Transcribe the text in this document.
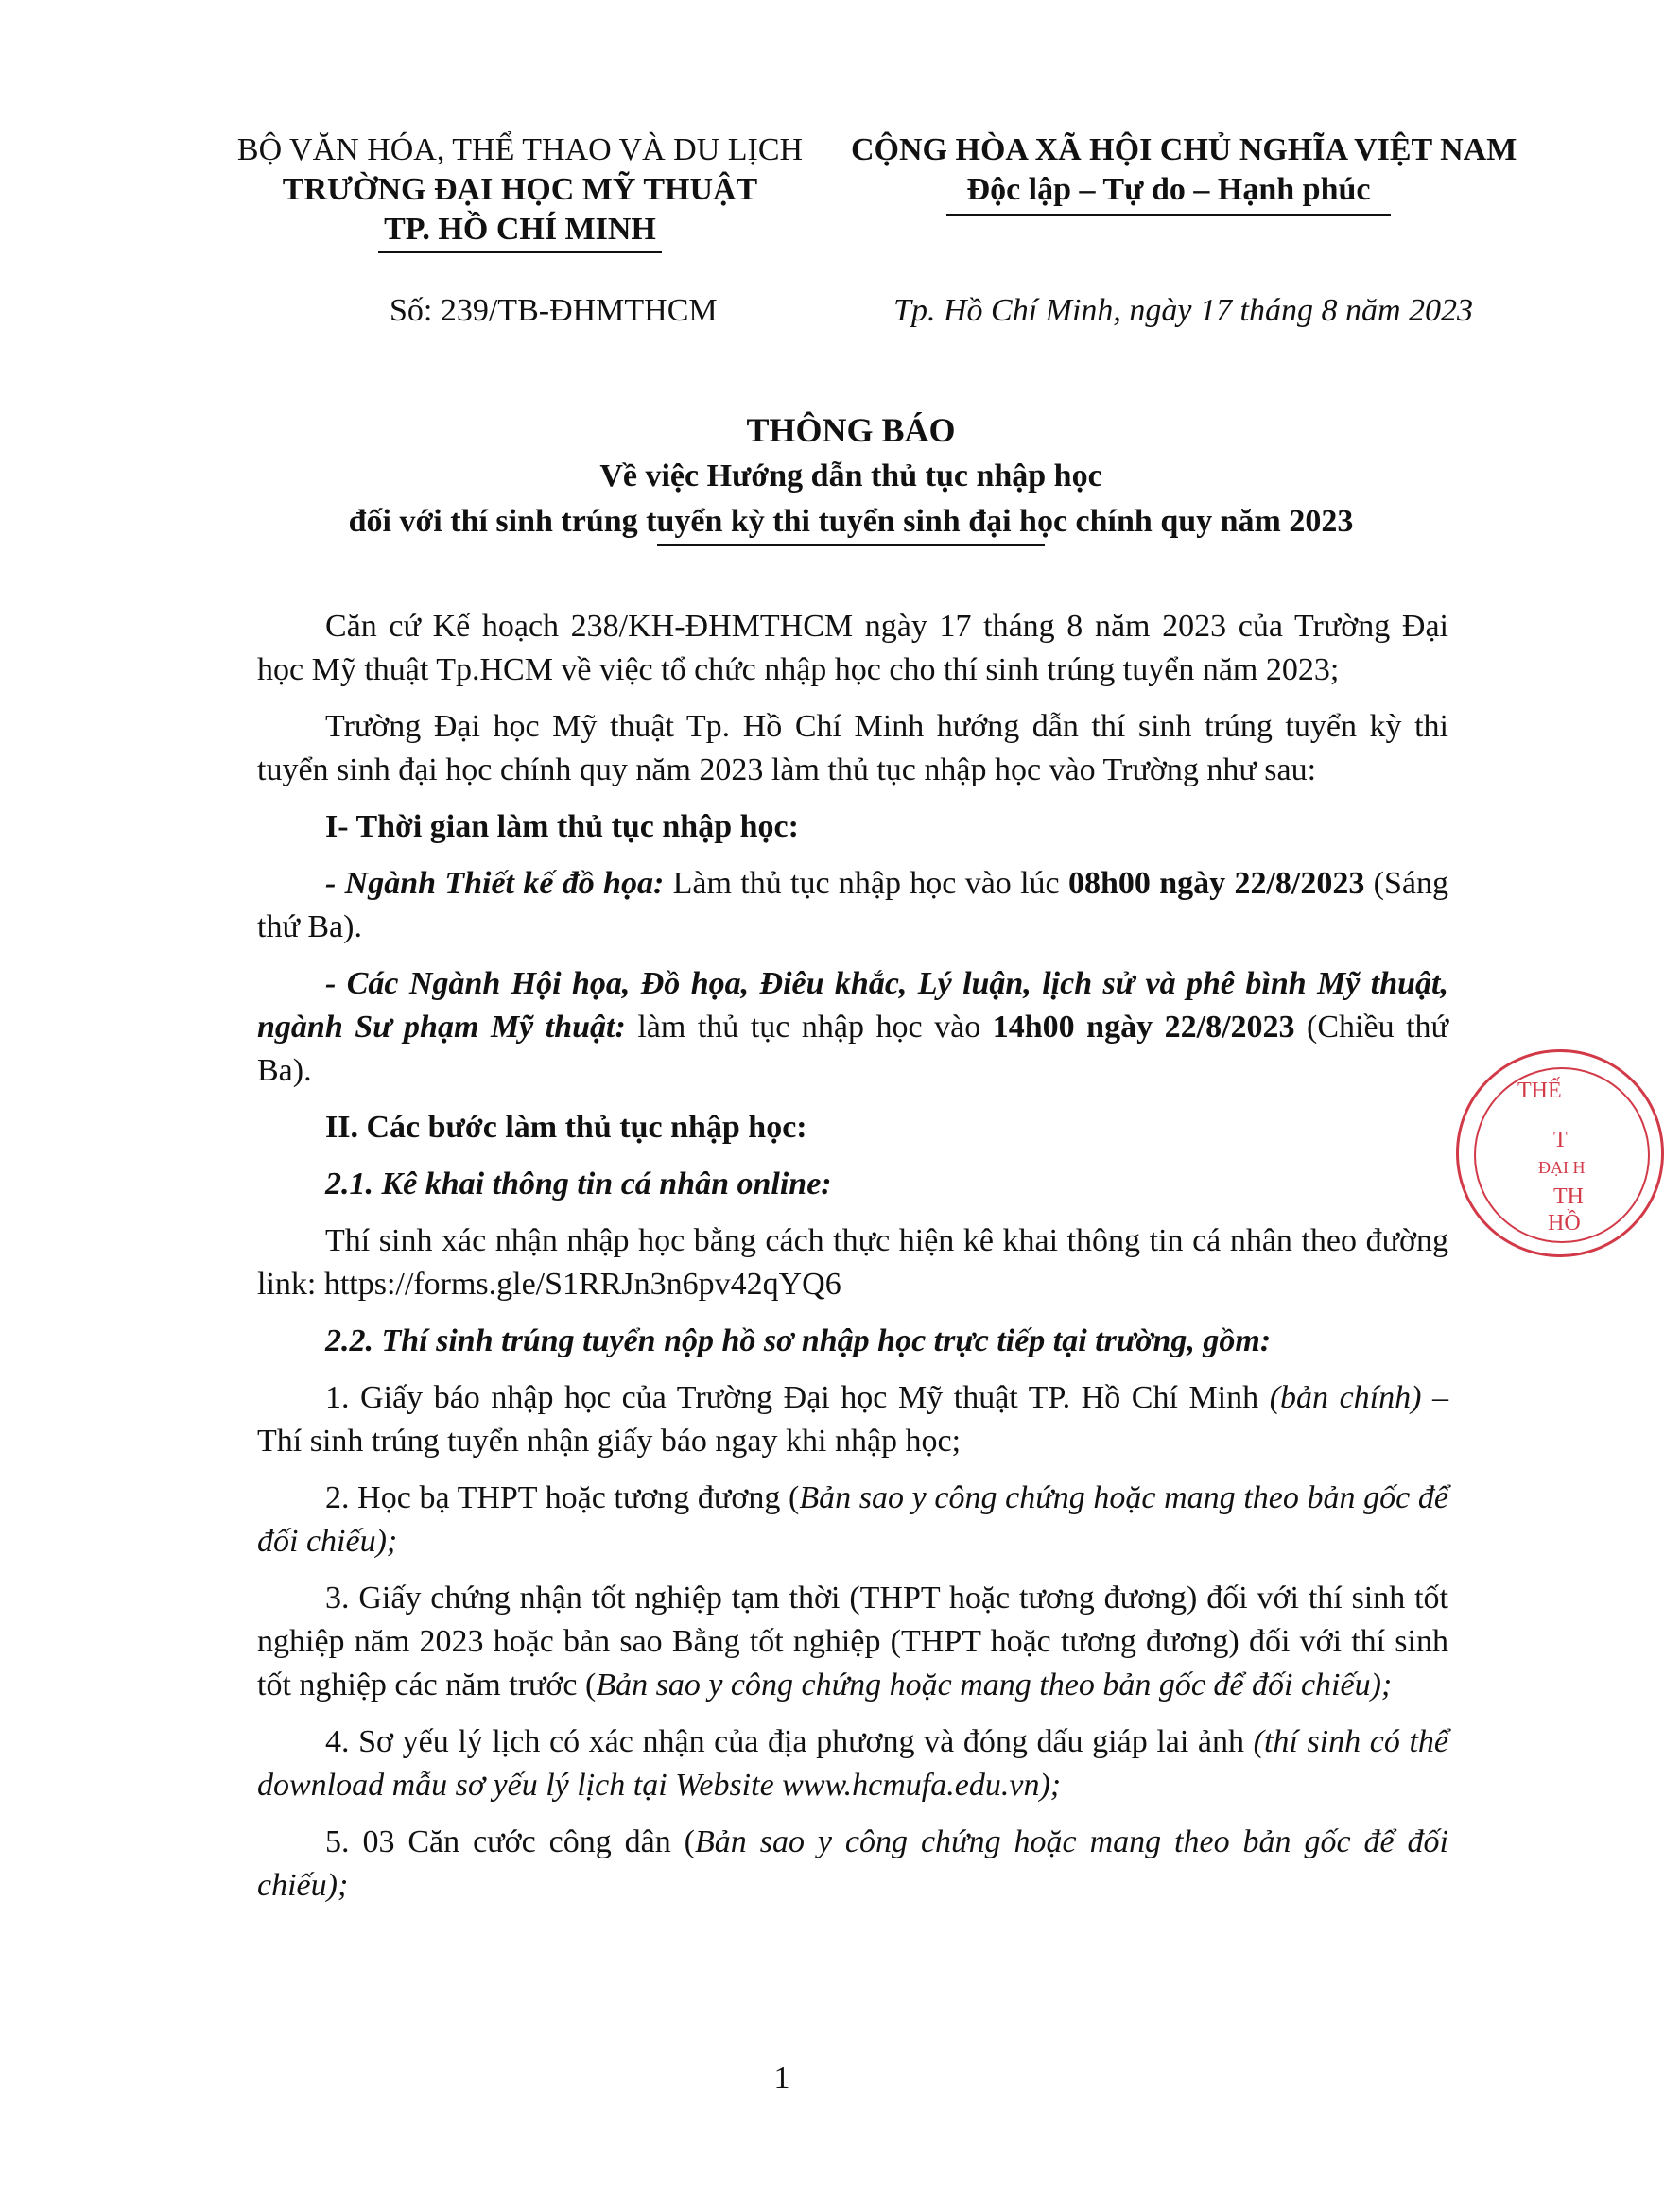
BỘ VĂN HÓA, THỂ THAO VÀ DU LỊCH
TRƯỜNG ĐẠI HỌC MỸ THUẬT
TP. HỒ CHÍ MINH
CỘNG HÒA XÃ HỘI CHỦ NGHĨA VIỆT NAM
Độc lập – Tự do – Hạnh phúc
Số: 239/TB-ĐHMTHCM	Tp. Hồ Chí Minh, ngày 17 tháng 8 năm 2023
THÔNG BÁO
Về việc Hướng dẫn thủ tục nhập học
đối với thí sinh trúng tuyển kỳ thi tuyển sinh đại học chính quy năm 2023

Căn cứ Kế hoạch 238/KH-ĐHMTHCM ngày 17 tháng 8 năm 2023 của Trường Đại học Mỹ thuật Tp.HCM về việc tổ chức nhập học cho thí sinh trúng tuyển năm 2023;

Trường Đại học Mỹ thuật Tp. Hồ Chí Minh hướng dẫn thí sinh trúng tuyển kỳ thi tuyển sinh đại học chính quy năm 2023 làm thủ tục nhập học vào Trường như sau:

I- Thời gian làm thủ tục nhập học:

- Ngành Thiết kế đồ họa: Làm thủ tục nhập học vào lúc 08h00 ngày 22/8/2023 (Sáng thứ Ba).

- Các Ngành Hội họa, Đồ họa, Điêu khắc, Lý luận, lịch sử và phê bình Mỹ thuật, ngành Sư phạm Mỹ thuật: làm thủ tục nhập học vào 14h00 ngày 22/8/2023 (Chiều thứ Ba).

II. Các bước làm thủ tục nhập học:
2.1. Kê khai thông tin cá nhân online:

Thí sinh xác nhận nhập học bằng cách thực hiện kê khai thông tin cá nhân theo đường link: https://forms.gle/S1RRJn3n6pv42qYQ6

2.2. Thí sinh trúng tuyển nộp hồ sơ nhập học trực tiếp tại trường, gồm:

1. Giấy báo nhập học của Trường Đại học Mỹ thuật TP. Hồ Chí Minh (bản chính) – Thí sinh trúng tuyển nhận giấy báo ngay khi nhập học;

2. Học bạ THPT hoặc tương đương (Bản sao y công chứng hoặc mang theo bản gốc để đối chiếu);

3. Giấy chứng nhận tốt nghiệp tạm thời (THPT hoặc tương đương) đối với thí sinh tốt nghiệp năm 2023 hoặc bản sao Bằng tốt nghiệp (THPT hoặc tương đương) đối với thí sinh tốt nghiệp các năm trước (Bản sao y công chứng hoặc mang theo bản gốc để đối chiếu);

4. Sơ yếu lý lịch có xác nhận của địa phương và đóng dấu giáp lai ảnh (thí sinh có thể download mẫu sơ yếu lý lịch tại Website www.hcmufa.edu.vn);

5. 03 Căn cước công dân (Bản sao y công chứng hoặc mang theo bản gốc để đối chiếu);

1
THẾ
T
ĐẠI H
TH
HỒ
